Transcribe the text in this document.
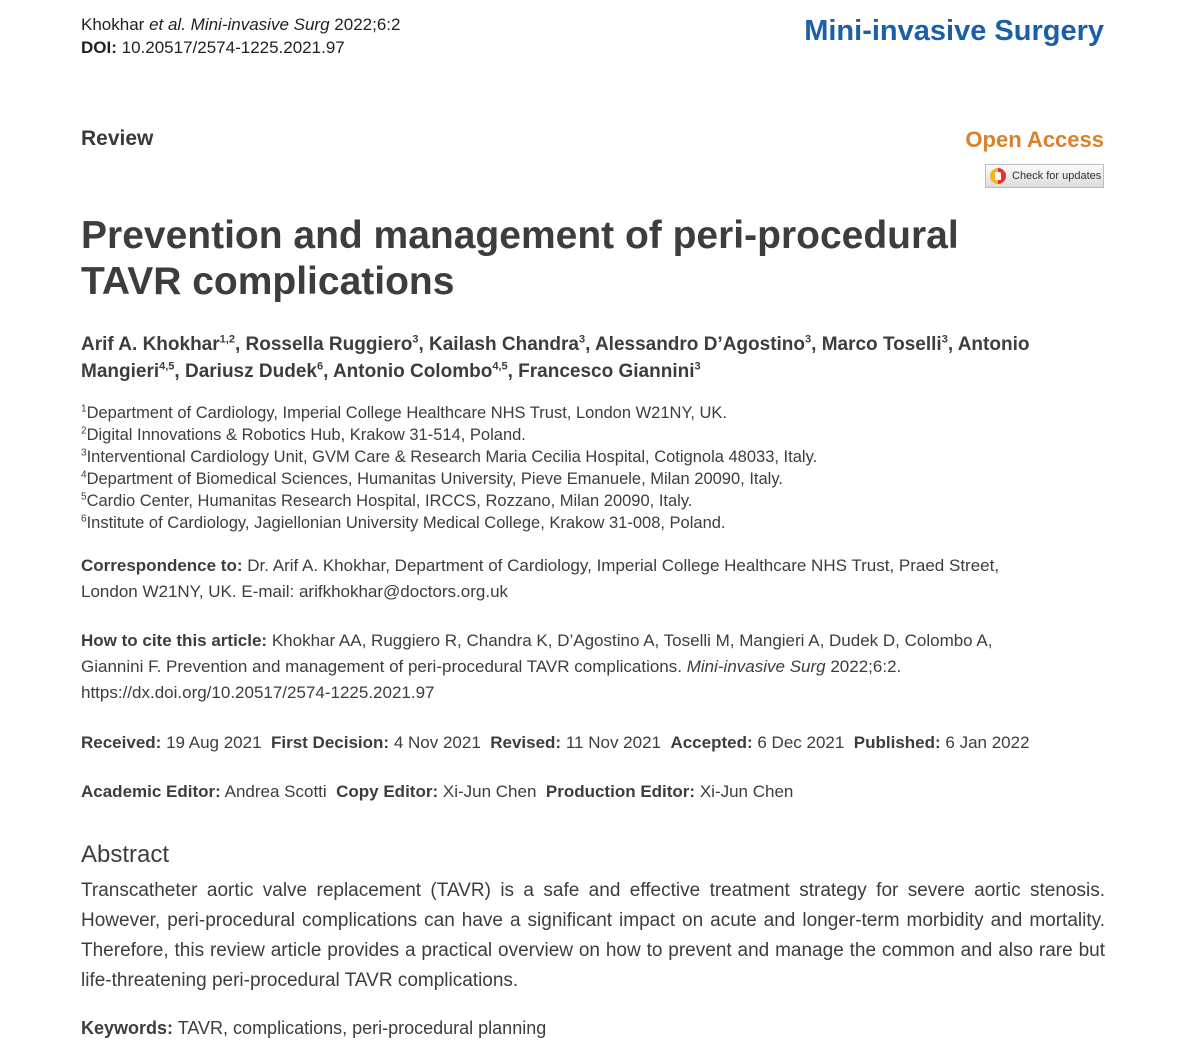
Khokhar et al. Mini-invasive Surg 2022;6:2
DOI: 10.20517/2574-1225.2021.97
Mini-invasive Surgery
Review	Open Access
Check for updates
Prevention and management of peri-procedural
TAVR complications
Arif A. Khokhar$^{1,2}$, Rossella Ruggiero$^3$, Kailash Chandra$^3$, Alessandro D’Agostino$^3$, Marco Toselli$^3$, Antonio Mangieri$^{4,5}$, Dariusz Dudek$^6$, Antonio Colombo$^{4,5}$, Francesco Giannini$^3$
$^1$Department of Cardiology, Imperial College Healthcare NHS Trust, London W21NY, UK.
$^2$Digital Innovations & Robotics Hub, Krakow 31-514, Poland.
$^3$Interventional Cardiology Unit, GVM Care & Research Maria Cecilia Hospital, Cotignola 48033, Italy.
$^4$Department of Biomedical Sciences, Humanitas University, Pieve Emanuele, Milan 20090, Italy.
$^5$Cardio Center, Humanitas Research Hospital, IRCCS, Rozzano, Milan 20090, Italy.
$^6$Institute of Cardiology, Jagiellonian University Medical College, Krakow 31-008, Poland.
Correspondence to: Dr. Arif A. Khokhar, Department of Cardiology, Imperial College Healthcare NHS Trust, Praed Street,
London W21NY, UK. E-mail: arifkhokhar@doctors.org.uk
How to cite this article: Khokhar AA, Ruggiero R, Chandra K, D’Agostino A, Toselli M, Mangieri A, Dudek D, Colombo A,
Giannini F. Prevention and management of peri-procedural TAVR complications. Mini-invasive Surg 2022;6:2.
https://dx.doi.org/10.20517/2574-1225.2021.97
Received: 19 Aug 2021 First Decision: 4 Nov 2021 Revised: 11 Nov 2021 Accepted: 6 Dec 2021 Published: 6 Jan 2022
Academic Editor: Andrea Scotti Copy Editor: Xi-Jun Chen Production Editor: Xi-Jun Chen
Abstract
Transcatheter aortic valve replacement (TAVR) is a safe and effective treatment strategy for severe aortic stenosis. However, peri-procedural complications can have a significant impact on acute and longer-term morbidity and mortality. Therefore, this review article provides a practical overview on how to prevent and manage the common and also rare but life-threatening peri-procedural TAVR complications.
Keywords: TAVR, complications, peri-procedural planning
